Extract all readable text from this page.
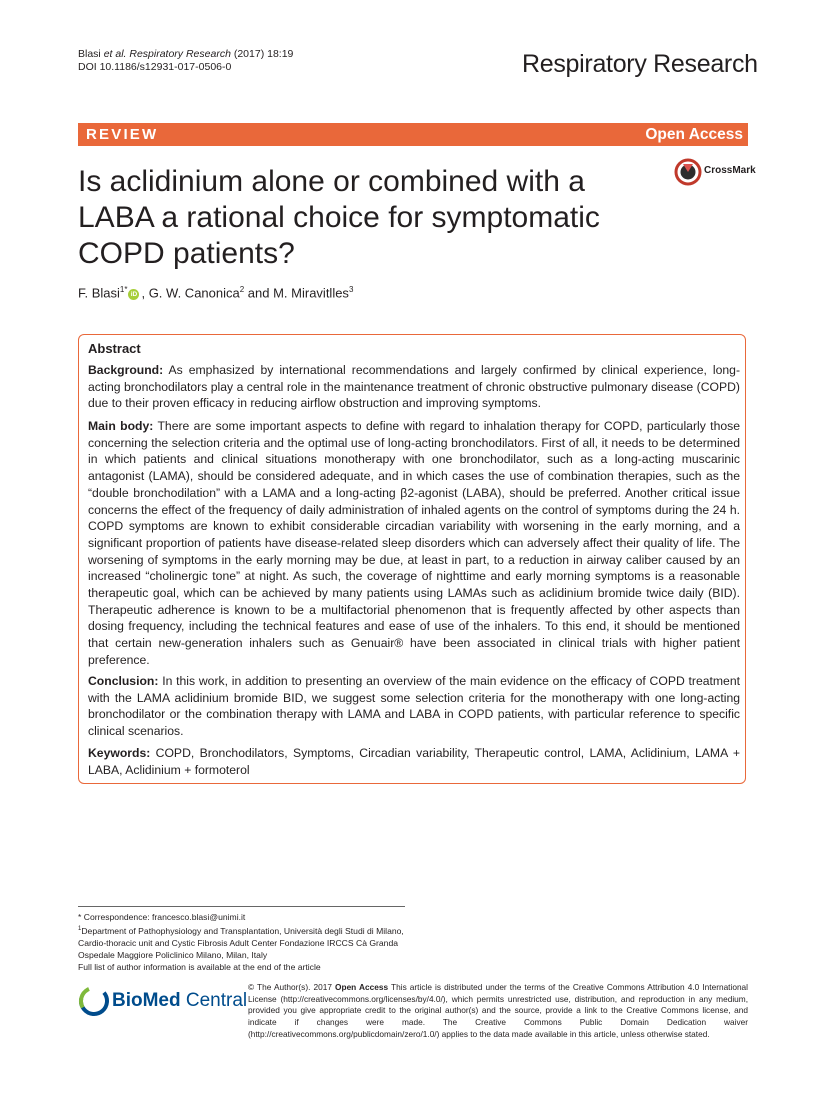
Blasi et al. Respiratory Research (2017) 18:19
DOI 10.1186/s12931-017-0506-0	Respiratory Research
REVIEW	Open Access
Is aclidinium alone or combined with a
LABA a rational choice for symptomatic
COPD patients?
CrossMark
F. Blasi$^{1*}$iD , G. W. Canonica$^2$ and M. Miravitlles$^3$
Abstract
Background: As emphasized by international recommendations and largely confirmed by clinical experience, long-acting bronchodilators play a central role in the maintenance treatment of chronic obstructive pulmonary disease (COPD) due to their proven efficacy in reducing airflow obstruction and improving symptoms.
Main body: There are some important aspects to define with regard to inhalation therapy for COPD, particularly those concerning the selection criteria and the optimal use of long-acting bronchodilators. First of all, it needs to be determined in which patients and clinical situations monotherapy with one bronchodilator, such as a long-acting muscarinic antagonist (LAMA), should be considered adequate, and in which cases the use of combination therapies, such as the “double bronchodilation” with a LAMA and a long-acting β2-agonist (LABA), should be preferred. Another critical issue concerns the effect of the frequency of daily administration of inhaled agents on the control of symptoms during the 24 h. COPD symptoms are known to exhibit considerable circadian variability with worsening in the early morning, and a significant proportion of patients have disease-related sleep disorders which can adversely affect their quality of life. The worsening of symptoms in the early morning may be due, at least in part, to a reduction in airway caliber caused by an increased “cholinergic tone” at night. As such, the coverage of nighttime and early morning symptoms is a reasonable therapeutic goal, which can be achieved by many patients using LAMAs such as aclidinium bromide twice daily (BID). Therapeutic adherence is known to be a multifactorial phenomenon that is frequently affected by other aspects than dosing frequency, including the technical features and ease of use of the inhalers. To this end, it should be mentioned that certain new-generation inhalers such as Genuair® have been associated in clinical trials with higher patient preference.
Conclusion: In this work, in addition to presenting an overview of the main evidence on the efficacy of COPD treatment with the LAMA aclidinium bromide BID, we suggest some selection criteria for the monotherapy with one long-acting bronchodilator or the combination therapy with LAMA and LABA in COPD patients, with particular reference to specific clinical scenarios.
Keywords: COPD, Bronchodilators, Symptoms, Circadian variability, Therapeutic control, LAMA, Aclidinium, LAMA + LABA, Aclidinium + formoterol
* Correspondence: francesco.blasi@unimi.it
$^1$Department of Pathophysiology and Transplantation, Università degli Studi di Milano, Cardio-thoracic unit and Cystic Fibrosis Adult Center Fondazione IRCCS Cà Granda Ospedale Maggiore Policlinico Milano, Milan, Italy
Full list of author information is available at the end of the article
BioMed Central
© The Author(s). 2017 Open Access This article is distributed under the terms of the Creative Commons Attribution 4.0 International License (http://creativecommons.org/licenses/by/4.0/), which permits unrestricted use, distribution, and reproduction in any medium, provided you give appropriate credit to the original author(s) and the source, provide a link to the Creative Commons license, and indicate if changes were made. The Creative Commons Public Domain Dedication waiver (http://creativecommons.org/publicdomain/zero/1.0/) applies to the data made available in this article, unless otherwise stated.
